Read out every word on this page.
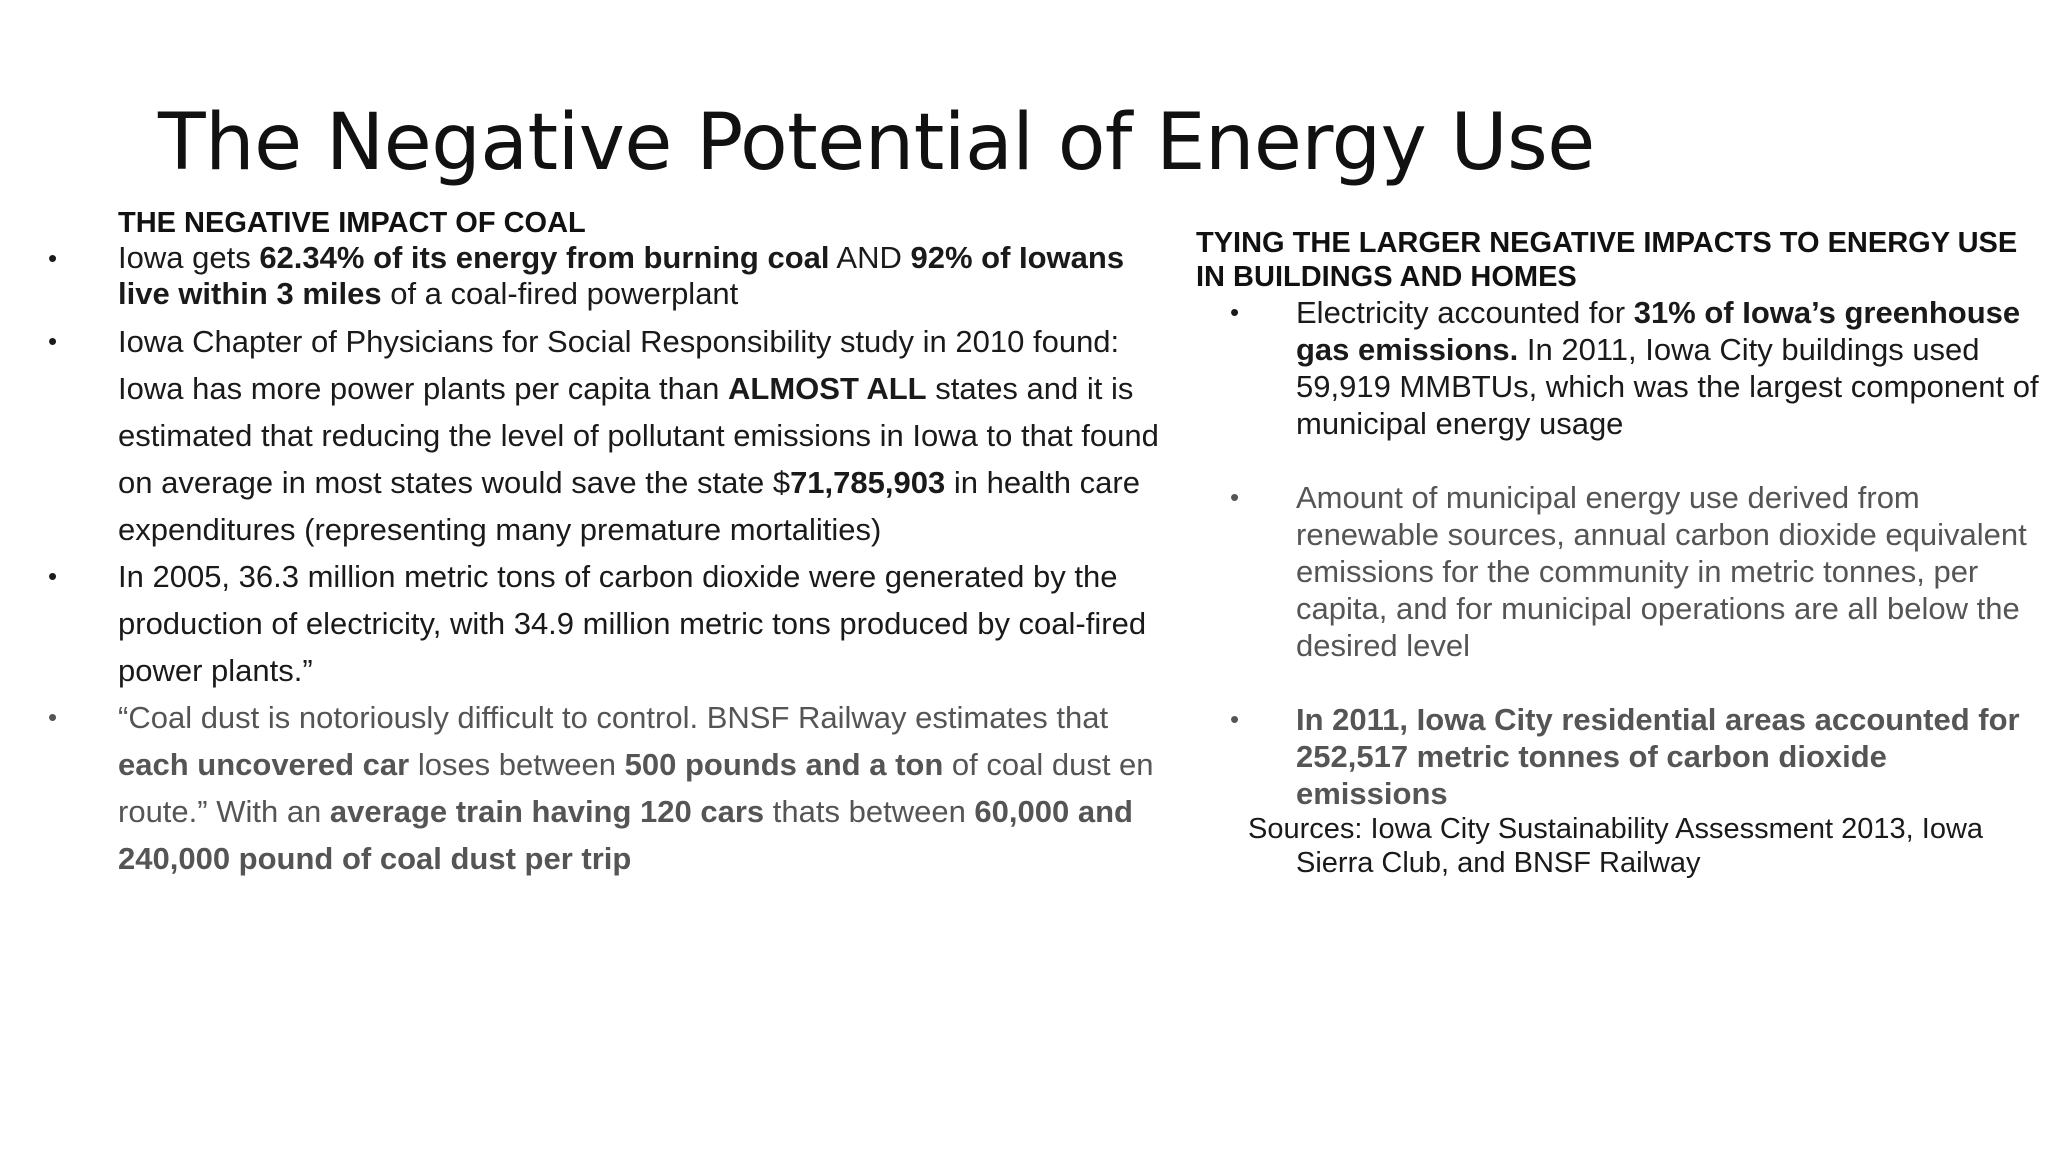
The Negative Potential of Energy Use

THE NEGATIVE IMPACT OF COAL

• Iowa gets 62.34% of its energy from burning coal AND 92% of Iowans live within 3 miles of a coal-fired powerplant
• Iowa Chapter of Physicians for Social Responsibility study in 2010 found: Iowa has more power plants per capita than ALMOST ALL states and it is estimated that reducing the level of pollutant emissions in Iowa to that found on average in most states would save the state $71,785,903 in health care expenditures (representing many premature mortalities)
• In 2005, 36.3 million metric tons of carbon dioxide were generated by the production of electricity, with 34.9 million metric tons produced by coal-fired power plants.”
• “Coal dust is notoriously difficult to control. BNSF Railway estimates that each uncovered car loses between 500 pounds and a ton of coal dust en route.” With an average train having 120 cars thats between 60,000 and 240,000 pound of coal dust per trip

TYING THE LARGER NEGATIVE IMPACTS TO ENERGY USE IN BUILDINGS AND HOMES

• Electricity accounted for 31% of Iowa’s greenhouse gas emissions. In 2011, Iowa City buildings used 59,919 MMBTUs, which was the largest component of municipal energy usage
• Amount of municipal energy use derived from renewable sources, annual carbon dioxide equivalent emissions for the community in metric tonnes, per capita, and for municipal operations are all below the desired level
• In 2011, Iowa City residential areas accounted for 252,517 metric tonnes of carbon dioxide emissions

Sources: Iowa City Sustainability Assessment 2013, Iowa Sierra Club, and BNSF Railway
